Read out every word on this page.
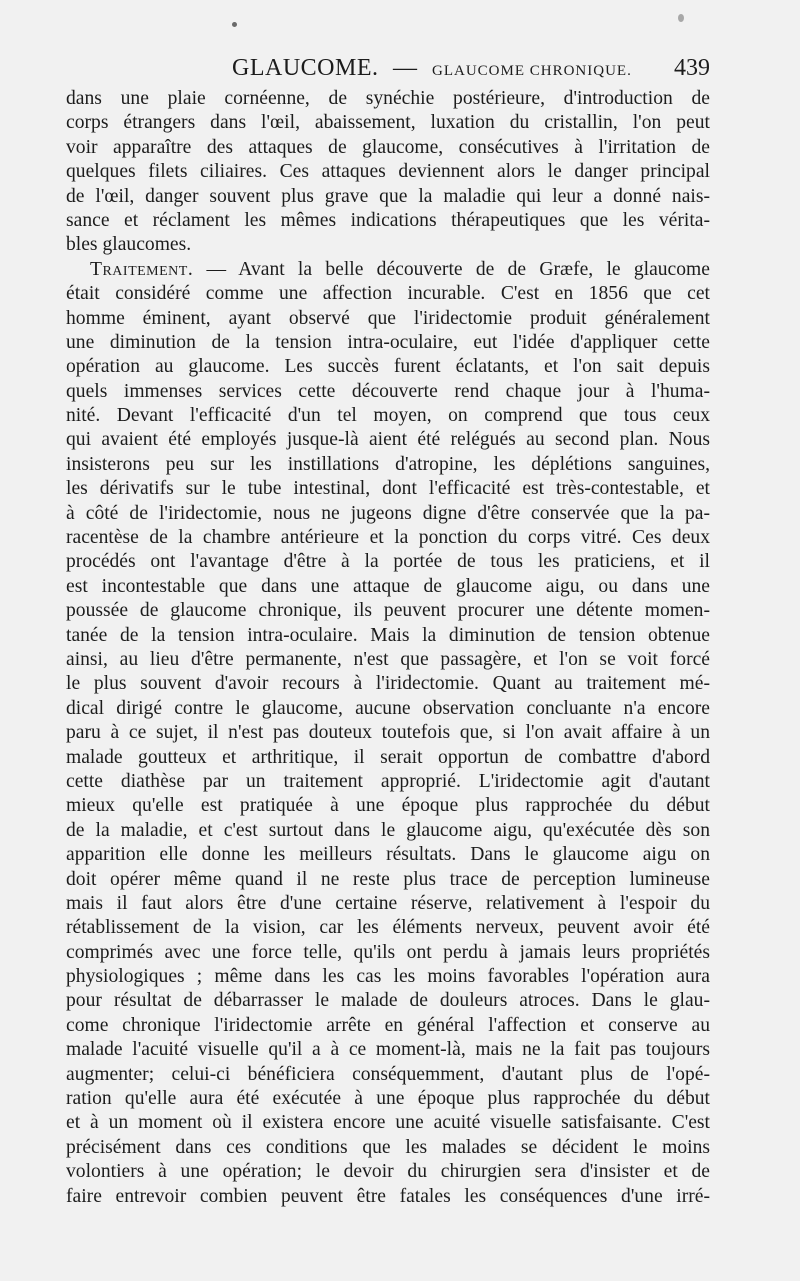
GLAUCOME. — GLAUCOME CHRONIQUE. 439
dans une plaie cornéenne, de synéchie postérieure, d'introduction de
corps étrangers dans l'œil, abaissement, luxation du cristallin, l'on peut
voir apparaître des attaques de glaucome, consécutives à l'irritation de
quelques filets ciliaires. Ces attaques deviennent alors le danger principal
de l'œil, danger souvent plus grave que la maladie qui leur a donné nais-
sance et réclament les mêmes indications thérapeutiques que les vérita-
bles glaucomes.
Traitement. — Avant la belle découverte de de Græfe, le glaucome
était considéré comme une affection incurable. C'est en 1856 que cet
homme éminent, ayant observé que l'iridectomie produit généralement
une diminution de la tension intra-oculaire, eut l'idée d'appliquer cette
opération au glaucome. Les succès furent éclatants, et l'on sait depuis
quels immenses services cette découverte rend chaque jour à l'huma-
nité. Devant l'efficacité d'un tel moyen, on comprend que tous ceux
qui avaient été employés jusque-là aient été relégués au second plan. Nous
insisterons peu sur les instillations d'atropine, les déplétions sanguines,
les dérivatifs sur le tube intestinal, dont l'efficacité est très-contestable, et
à côté de l'iridectomie, nous ne jugeons digne d'être conservée que la pa-
racentèse de la chambre antérieure et la ponction du corps vitré. Ces deux
procédés ont l'avantage d'être à la portée de tous les praticiens, et il
est incontestable que dans une attaque de glaucome aigu, ou dans une
poussée de glaucome chronique, ils peuvent procurer une détente momen-
tanée de la tension intra-oculaire. Mais la diminution de tension obtenue
ainsi, au lieu d'être permanente, n'est que passagère, et l'on se voit forcé
le plus souvent d'avoir recours à l'iridectomie. Quant au traitement mé-
dical dirigé contre le glaucome, aucune observation concluante n'a encore
paru à ce sujet, il n'est pas douteux toutefois que, si l'on avait affaire à un
malade goutteux et arthritique, il serait opportun de combattre d'abord
cette diathèse par un traitement approprié. L'iridectomie agit d'autant
mieux qu'elle est pratiquée à une époque plus rapprochée du début
de la maladie, et c'est surtout dans le glaucome aigu, qu'exécutée dès son
apparition elle donne les meilleurs résultats. Dans le glaucome aigu on
doit opérer même quand il ne reste plus trace de perception lumineuse
mais il faut alors être d'une certaine réserve, relativement à l'espoir du
rétablissement de la vision, car les éléments nerveux, peuvent avoir été
comprimés avec une force telle, qu'ils ont perdu à jamais leurs propriétés
physiologiques ; même dans les cas les moins favorables l'opération aura
pour résultat de débarrasser le malade de douleurs atroces. Dans le glau-
come chronique l'iridectomie arrête en général l'affection et conserve au
malade l'acuité visuelle qu'il a à ce moment-là, mais ne la fait pas toujours
augmenter; celui-ci bénéficiera conséquemment, d'autant plus de l'opé-
ration qu'elle aura été exécutée à une époque plus rapprochée du début
et à un moment où il existera encore une acuité visuelle satisfaisante. C'est
précisément dans ces conditions que les malades se décident le moins
volontiers à une opération; le devoir du chirurgien sera d'insister et de
faire entrevoir combien peuvent être fatales les conséquences d'une irré-
